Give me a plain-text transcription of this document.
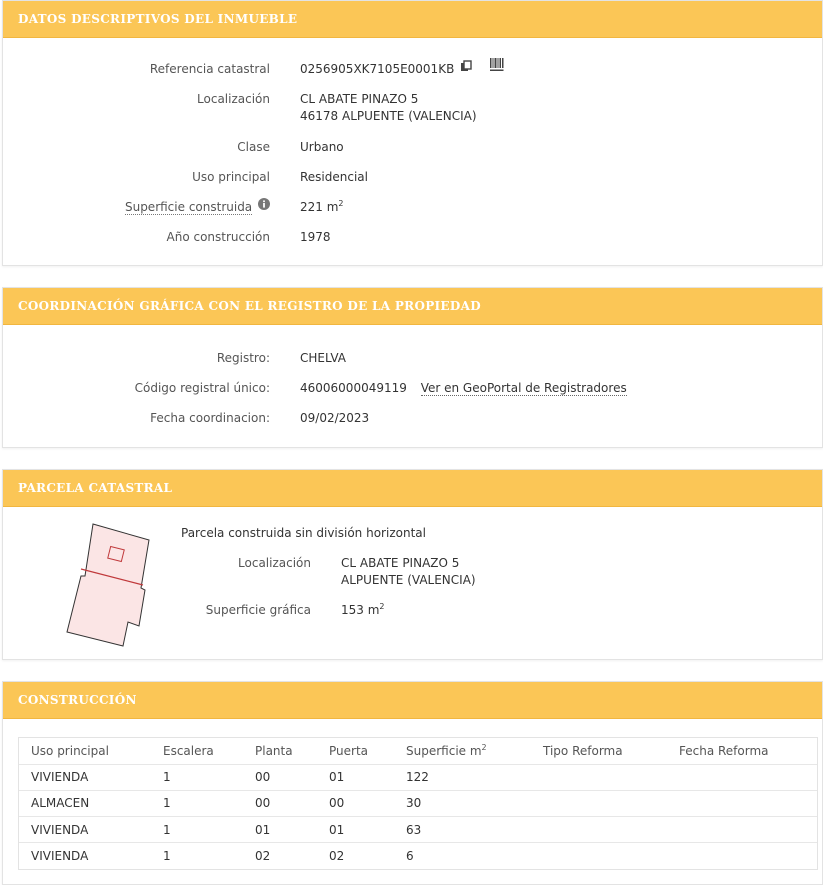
DATOS DESCRIPTIVOS DEL INMUEBLE
Referencia catastral	0256905XK7105E0001KB
Localización	CL ABATE PINAZO 5
46178 ALPUENTE (VALENCIA)
Clase	Urbano
Uso principal	Residencial
Superficie construida	221 $m^2$
Año construcción	1978
COORDINACIÓN GRÁFICA CON EL REGISTRO DE LA PROPIEDAD
Registro:	CHELVA
Código registral único:	46006000049119 Ver en GeoPortal de Registradores
Fecha coordinacion:	09/02/2023
PARCELA CATASTRAL
Parcela construida sin división horizontal
Localización	CL ABATE PINAZO 5
ALPUENTE (VALENCIA)
Superficie gráfica	153 $m^2$
CONSTRUCCIÓN
Uso principal	Escalera	Planta	Puerta	Superficie $m^2$	Tipo Reforma	Fecha Reforma
VIVIENDA	1	00	01	122		
ALMACEN	1	00	00	30		
VIVIENDA	1	01	01	63		
VIVIENDA	1	02	02	6		
